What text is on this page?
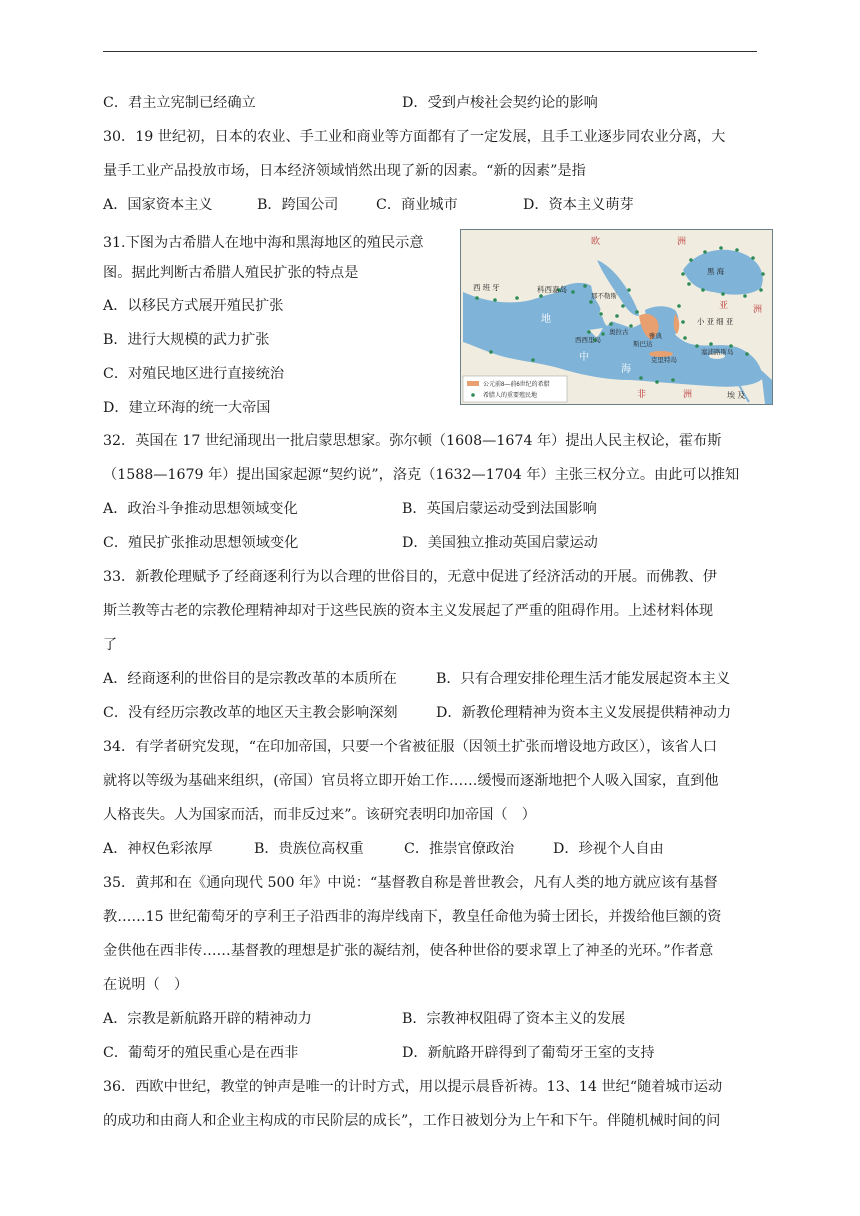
C．君主立宪制已经确立	D．受到卢梭社会契约论的影响
30．19 世纪初，日本的农业、手工业和商业等方面都有了一定发展，且手工业逐步同农业分离，大
量手工业产品投放市场，日本经济领域悄然出现了新的因素。“新的因素”是指
A．国家资本主义	B．跨国公司	C．商业城市	D．资本主义萌芽
31.下图为古希腊人在地中海和黑海地区的殖民示意
图。据此判断古希腊人殖民扩张的特点是
A．以移民方式展开殖民扩张
B．进行大规模的武力扩张
C．对殖民地区进行直接统治
D．建立环海的统一大帝国
欧	洲
亚	洲
非	洲	埃 及
西 班 牙	科西嘉岛
那不勒斯
黑 海
小 亚 细 亚
雅典
奥拉古
西西里岛
斯巴达
克里特岛
塞浦路斯岛
地
中
海
公元前8—前6世纪的希腊
希腊人的重要殖民地
32．英国在 17 世纪涌现出一批启蒙思想家。弥尔顿（1608—1674 年）提出人民主权论，霍布斯
（1588—1679 年）提出国家起源“契约说”，洛克（1632—1704 年）主张三权分立。由此可以推知
A．政治斗争推动思想领域变化	B．英国启蒙运动受到法国影响
C．殖民扩张推动思想领域变化	D．美国独立推动英国启蒙运动
33．新教伦理赋予了经商逐利行为以合理的世俗目的，无意中促进了经济活动的开展。而佛教、伊
斯兰教等古老的宗教伦理精神却对于这些民族的资本主义发展起了严重的阻碍作用。上述材料体现
了
A．经商逐利的世俗目的是宗教改革的本质所在	B．只有合理安排伦理生活才能发展起资本主义
C．没有经历宗教改革的地区天主教会影响深刻	D．新教伦理精神为资本主义发展提供精神动力
34．有学者研究发现，“在印加帝国，只要一个省被征服（因领土扩张而增设地方政区），该省人口
就将以等级为基础来组织，(帝国）官员将立即开始工作……缓慢而逐渐地把个人吸入国家，直到他
人格丧失。人为国家而活，而非反过来”。该研究表明印加帝国（　）
A．神权色彩浓厚	B．贵族位高权重	C．推崇官僚政治	D．珍视个人自由
35．黄邦和在《通向现代 500 年》中说：“基督教自称是普世教会，凡有人类的地方就应该有基督
教……15 世纪葡萄牙的亨利王子沿西非的海岸线南下，教皇任命他为骑士团长，并拨给他巨额的资
金供他在西非传……基督教的理想是扩张的凝结剂，使各种世俗的要求罩上了神圣的光环。”作者意
在说明（　）
A．宗教是新航路开辟的精神动力	B．宗教神权阻碍了资本主义的发展
C．葡萄牙的殖民重心是在西非	D．新航路开辟得到了葡萄牙王室的支持
36．西欧中世纪，教堂的钟声是唯一的计时方式，用以提示晨昏祈祷。13、14 世纪“随着城市运动
的成功和由商人和企业主构成的市民阶层的成长”，工作日被划分为上午和下午。伴随机械时间的问
